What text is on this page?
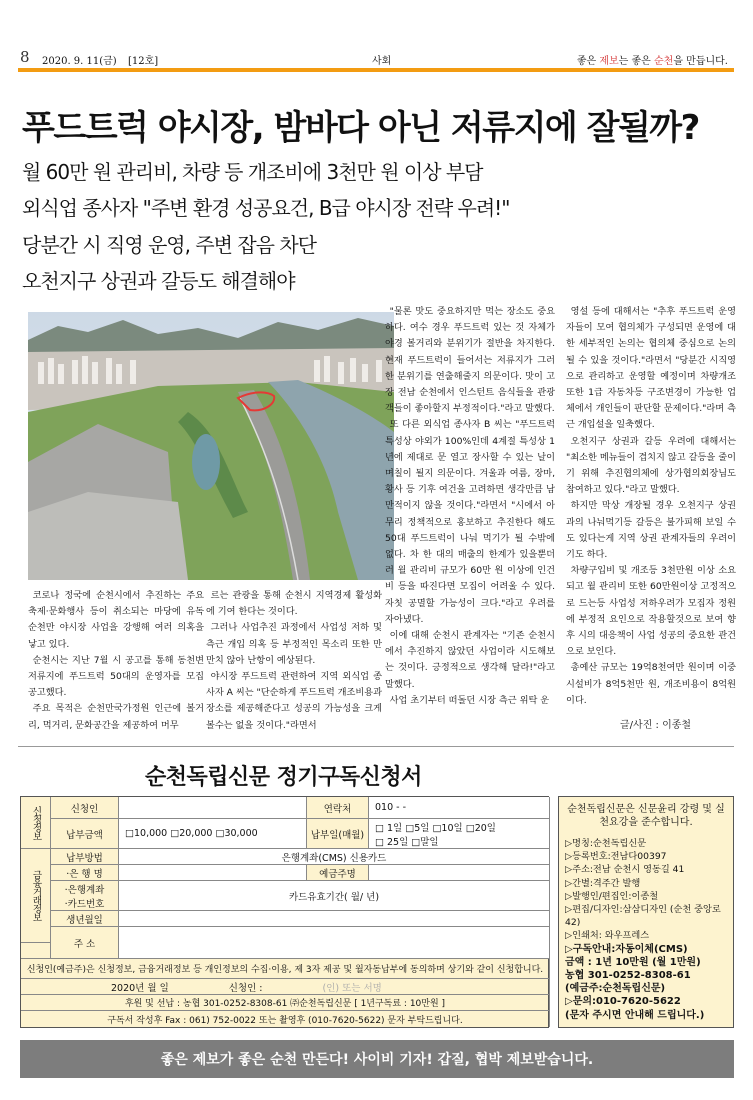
8 2020. 9. 11(금) [12호]	사회	좋은 제보는 좋은 순천을 만듭니다.
푸드트럭 야시장, 밤바다 아닌 저류지에 잘될까?
월 60만 원 관리비, 차량 등 개조비에 3천만 원 이상 부담
외식업 종사자 "주변 환경 성공요건, B급 야시장 전략 우려!"
당분간 시 직영 운영, 주변 잡음 차단
오천지구 상권과 갈등도 해결해야

코로나 정국에 순천시에서 추진하는 주요 축제·문화행사 등이 취소되는 마당에 유독 순천만 야시장 사업을 강행해 여러 의혹을 낳고 있다.

순천시는 지난 7월 시 공고를 통해 동천변 저류지에 푸드트럭 50대의 운영자를 모집 공고했다.

주요 목적은 순천만국가정원 인근에 볼거리, 먹거리, 문화공간을 제공하여 머무

르는 관광을 통해 순천시 지역경제 활성화에 기여 한다는 것이다.

그러나 사업추진 과정에서 사업성 저하 및 측근 개입 의혹 등 부정적인 목소리 또한 만만치 않아 난항이 예상된다.

야시장 푸드트럭 관련하여 지역 외식업 종사자 A 씨는 "단순하게 푸드트럭 개조비용과 장소를 제공해준다고 성공의 가능성을 크게 볼수는 없을 것이다."라면서

"물론 맛도 중요하지만 먹는 장소도 중요하다. 여수 경우 푸드트럭 있는 것 자체가 야경 볼거리와 분위기가 절반을 차지한다. 현재 푸드트럭이 들어서는 저류지가 그러한 분위기를 연출해줄지 의문이다. 맛이 고장 전남 순천에서 인스턴트 음식들을 관광객들이 좋아할지 부정적이다."라고 말했다.

또 다른 외식업 종사자 B 씨는 "푸드트럭 특성상 야외가 100%인데 4계절 특성상 1년에 제대로 문 열고 장사할 수 있는 날이 며칠이 될지 의문이다. 겨울과 여름, 장마, 황사 등 기후 여건을 고려하면 생각만큼 남만적이지 않을 것이다."라면서 "시에서 아무리 정책적으로 홍보하고 추진한다 해도 50대 푸드트럭이 나눠 먹기가 될 수밖에 없다. 차 한 대의 매출의 한계가 있을뿐더러 월 관리비 규모가 60만 원 이상에 인건비 등을 따진다면 모집이 어려울 수 있다. 자칫 공멸할 가능성이 크다."라고 우려를 자아냈다.

이에 대해 순천시 관계자는 "기존 순천시에서 추진하지 않았던 사업이라 시도해보는 것이다. 긍정적으로 생각해 달라!"라고 말했다.

사업 초기부터 떠돌던 시장 측근 위탁 운

영설 등에 대해서는 "추후 푸드트럭 운영자들이 모여 협의체가 구성되면 운영에 대한 세부적인 논의는 협의체 중심으로 논의될 수 있을 것이다."라면서 "당분간 시직영으로 관리하고 운영할 예정이며 차량개조 또한 1급 자동차등 구조변경이 가능한 업체에서 개인들이 판단할 문제이다."라며 측근 개입설을 일축했다.

오천지구 상권과 갈등 우려에 대해서는 "최소한 메뉴들이 겹치지 않고 갈등을 줄이기 위해 추진협의체에 상가협의회장님도 참여하고 있다."라고 말했다.

하지만 막상 개장될 경우 오천지구 상권과의 나눠먹기등 갈등은 불가피해 보일 수도 있다는게 지역 상권 관계자들의 우려이기도 하다.

차량구입비 및 개조등 3천만원 이상 소요되고 월 관리비 또한 60만원이상 고정적으로 드는등 사업성 저하우려가 모집자 정원에 부정적 요인으로 작용할것으로 보여 향후 시의 대응책이 사업 성공의 중요한 관건으로 보인다.

총예산 규모는 19억8천여만 원이며 이중 시설비가 8억5천만 원, 개조비용이 8억원이다.

글/사진 : 이종철
순천독립신문 정기구독신청서
신청정보
금융거래정보
신청인	연락처	010 - -
납부금액	□10,000 □20,000 □30,000	납부일(매월)
□ 1일 □5일 □10일 □20일
□ 25일 □말일
납부방법	은행계좌(CMS) 신용카드
·은 행 명	예금주명
·은행계좌
·카드번호
카드유효기간( 월/ 년)
생년월일
주 소
신청인(예금주)은 신청정보, 금융거래정보 등 개인정보의 수집·이용, 제 3자 제공 및 월자동납부에 동의하며 상기와 같이 신청합니다.
2020년 월 일	신청인 :	(인) 또는 서명
후원 및 선납 : 농협 301-0252-8308-61 ㈜순천독립신문 [ 1년구독료 : 10만원 ]
구독서 작성후 Fax : 061) 752-0022 또는 촬영후 (010-7620-5622) 문자 부탁드립니다.
순천독립신문은 신문윤리 강령 및 실천요강을 준수합니다.
▷명칭:순천독립신문
▷등록번호:전남다00397
▷주소:전남 순천시 영동길 41
▷간별:격주간 발행
▷발행인/편집인:이종철
▷편집/디자인:삼삼디자인 (순천 중앙로42)
▷인쇄처: 와우프레스
▷구독안내:자동이체(CMS)
금액 : 1년 10만원 (월 1만원)
농협 301-0252-8308-61
(예금주:순천독립신문)
▷문의:010-7620-5622
(문자 주시면 안내해 드립니다.)
좋은 제보가 좋은 순천 만든다! 사이비 기자! 갑질, 협박 제보받습니다.
